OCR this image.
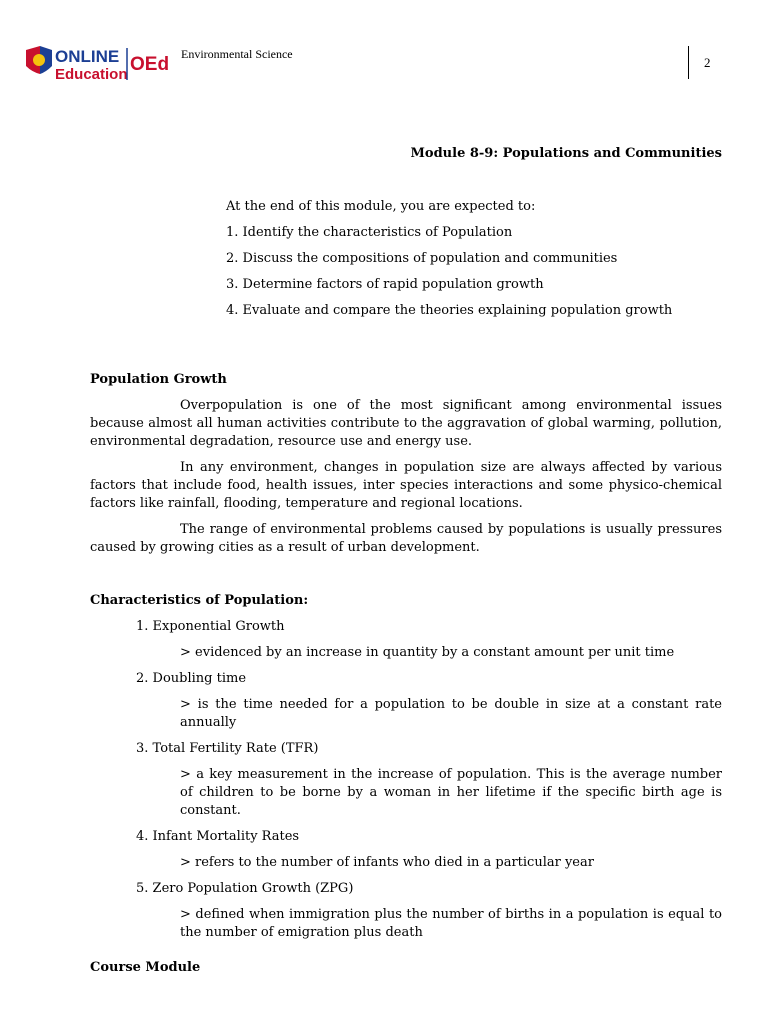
ONLINE
Education OEd Environmental Science
2
Module 8-9: Populations and Communities
At the end of this module, you are expected to:
1. Identify the characteristics of Population
2. Discuss the compositions of population and communities
3. Determine factors of rapid population growth
4. Evaluate and compare the theories explaining population growth
Population Growth

Overpopulation is one of the most significant among environmental issues because almost all human activities contribute to the aggravation of global warming, pollution, environmental degradation, resource use and energy use.

In any environment, changes in population size are always affected by various factors that include food, health issues, inter species interactions and some physico-chemical factors like rainfall, flooding, temperature and regional locations.

The range of environmental problems caused by populations is usually pressures caused by growing cities as a result of urban development.

Characteristics of Population:
1. Exponential Growth
> evidenced by an increase in quantity by a constant amount per unit time
2. Doubling time
> is the time needed for a population to be double in size at a constant rate annually
3. Total Fertility Rate (TFR)
> a key measurement in the increase of population. This is the average number of children to be borne by a woman in her lifetime if the specific birth age is constant.
4. Infant Mortality Rates
> refers to the number of infants who died in a particular year
5. Zero Population Growth (ZPG)
> defined when immigration plus the number of births in a population is equal to the number of emigration plus death
Course Module
